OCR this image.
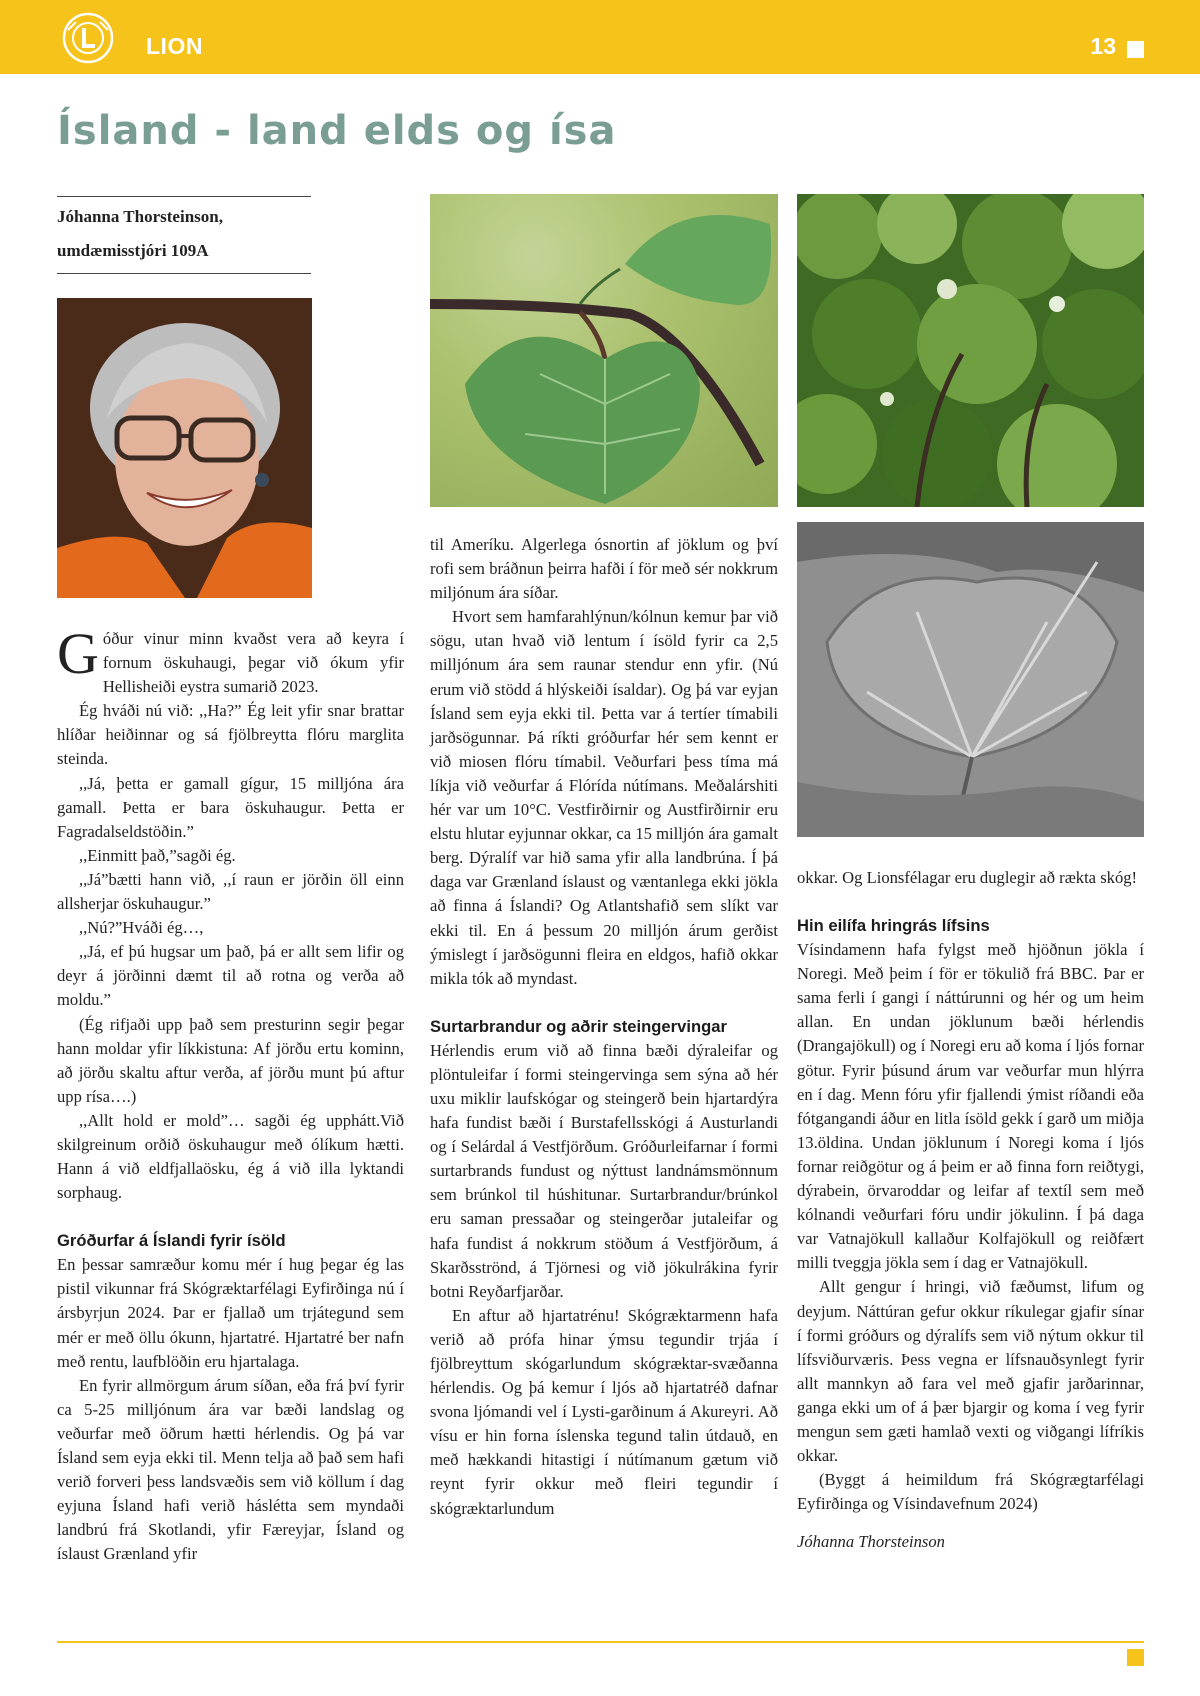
LION	13
Ísland - land elds og ísa
Jóhanna Thorsteinson,
umdæmisstjóri 109A

Góður vinur minn kvaðst vera að keyra í fornum öskuhaugi, þegar við ókum yfir Hellisheiði eystra sumarið 2023.

Ég hváði nú við: ,,Ha?” Ég leit yfir snar brattar hlíðar heiðinnar og sá fjölbreytta flóru marglita steinda.

,,Já, þetta er gamall gígur, 15 milljóna ára gamall. Þetta er bara öskuhaugur. Þetta er Fagradalseldstöðin.”

,,Einmitt það,”sagði ég.

,,Já”bætti hann við, ,,í raun er jörðin öll einn allsherjar öskuhaugur.”

,,Nú?”Hváði ég…,

,,Já, ef þú hugsar um það, þá er allt sem lifir og deyr á jörðinni dæmt til að rotna og verða að moldu.”

(Ég rifjaði upp það sem presturinn segir þegar hann moldar yfir líkkistuna: Af jörðu ertu kominn, að jörðu skaltu aftur verða, af jörðu munt þú aftur upp rísa….)

,,Allt hold er mold”… sagði ég upphátt.Við skilgreinum orðið öskuhaugur með ólíkum hætti. Hann á við eldfjallaösku, ég á við illa lyktandi sorphaug.

Gróðurfar á Íslandi fyrir ísöld

En þessar samræður komu mér í hug þegar ég las pistil vikunnar frá Skógræktarfélagi Eyfirðinga nú í ársbyrjun 2024. Þar er fjallað um trjátegund sem mér er með öllu ókunn, hjartatré. Hjartatré ber nafn með rentu, laufblöðin eru hjartalaga.

En fyrir allmörgum árum síðan, eða frá því fyrir ca 5-25 milljónum ára var bæði landslag og veðurfar með öðrum hætti hérlendis. Og þá var Ísland sem eyja ekki til. Menn telja að það sem hafi verið forveri þess landsvæðis sem við köllum í dag eyjuna Ísland hafi verið háslétta sem myndaði landbrú frá Skotlandi, yfir Færeyjar, Ísland og íslaust Grænland yfir

til Ameríku. Algerlega ósnortin af jöklum og því rofi sem bráðnun þeirra hafði í för með sér nokkrum miljónum ára síðar.

Hvort sem hamfarahlýnun/kólnun kemur þar við sögu, utan hvað við lentum í ísöld fyrir ca 2,5 milljónum ára sem raunar stendur enn yfir. (Nú erum við stödd á hlýskeiði ísaldar). Og þá var eyjan Ísland sem eyja ekki til. Þetta var á tertíer tímabili jarðsögunnar. Þá ríkti gróðurfar hér sem kennt er við miosen flóru tímabil. Veðurfari þess tíma má líkja við veðurfar á Flórída nútímans. Meðalárshiti hér var um 10°C. Vestfirðirnir og Austfirðirnir eru elstu hlutar eyjunnar okkar, ca 15 milljón ára gamalt berg. Dýralíf var hið sama yfir alla landbrúna. Í þá daga var Grænland íslaust og væntanlega ekki jökla að finna á Íslandi? Og Atlantshafið sem slíkt var ekki til. En á þessum 20 milljón árum gerðist ýmislegt í jarðsögunni fleira en eldgos, hafið okkar mikla tók að myndast.

Surtarbrandur og aðrir steingervingar

Hérlendis erum við að finna bæði dýraleifar og plöntuleifar í formi steingervinga sem sýna að hér uxu miklir laufskógar og steingerð bein hjartardýra hafa fundist bæði í Burstafellsskógi á Austurlandi og í Selárdal á Vestfjörðum. Gróðurleifarnar í formi surtarbrands fundust og nýttust landnámsmönnum sem brúnkol til húshitunar. Surtarbrandur/brúnkol eru saman pressaðar og steingerðar jutaleifar og hafa fundist á nokkrum stöðum á Vestfjörðum, á Skarðsströnd, á Tjörnesi og við jökulrákina fyrir botni Reyðarfjarðar.

En aftur að hjartatrénu! Skógræktarmenn hafa verið að prófa hinar ýmsu tegundir trjáa í fjölbreyttum skógarlundum skógræktar-svæðanna hérlendis. Og þá kemur í ljós að hjartatréð dafnar svona ljómandi vel í Lysti-garðinum á Akureyri. Að vísu er hin forna íslenska tegund talin útdauð, en með hækkandi hitastigi í nútímanum gætum við reynt fyrir okkur með fleiri tegundir í skógræktarlundum

okkar. Og Lionsfélagar eru duglegir að rækta skóg!

Hin eilífa hringrás lífsins

Vísindamenn hafa fylgst með hjöðnun jökla í Noregi. Með þeim í för er tökulið frá BBC. Þar er sama ferli í gangi í náttúrunni og hér og um heim allan. En undan jöklunum bæði hérlendis (Drangajökull) og í Noregi eru að koma í ljós fornar götur. Fyrir þúsund árum var veðurfar mun hlýrra en í dag. Menn fóru yfir fjallendi ýmist ríðandi eða fótgangandi áður en litla ísöld gekk í garð um miðja 13.öldina. Undan jöklunum í Noregi koma í ljós fornar reiðgötur og á þeim er að finna forn reiðtygi, dýrabein, örvaroddar og leifar af textíl sem með kólnandi veðurfari fóru undir jökulinn. Í þá daga var Vatnajökull kallaður Kolfajökull og reiðfært milli tveggja jökla sem í dag er Vatnajökull.

Allt gengur í hringi, við fæðumst, lifum og deyjum. Náttúran gefur okkur ríkulegar gjafir sínar í formi gróðurs og dýralífs sem við nýtum okkur til lífsviðurværis. Þess vegna er lífsnauðsynlegt fyrir allt mannkyn að fara vel með gjafir jarðarinnar, ganga ekki um of á þær bjargir og koma í veg fyrir mengun sem gæti hamlað vexti og viðgangi lífríkis okkar.

(Byggt á heimildum frá Skógrægtarfélagi Eyfirðinga og Vísindavefnum 2024)

Jóhanna Thorsteinson
